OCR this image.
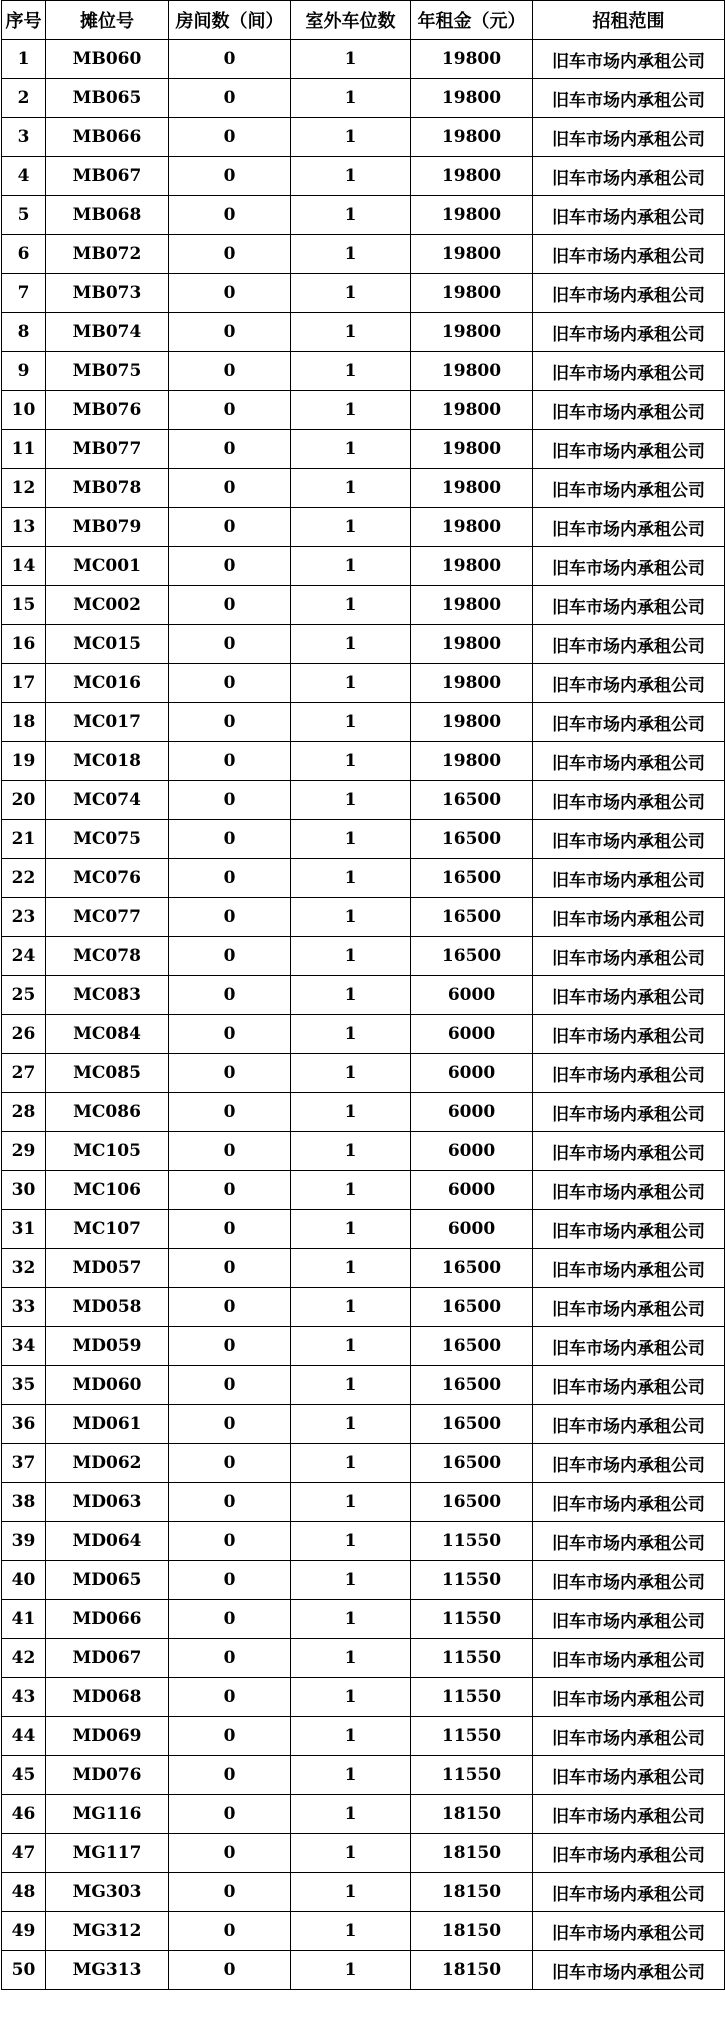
序号	摊位号	房间数（间）	室外车位数	年租金（元）	招租范围
1	MB060	0	1	19800	旧车市场内承租公司
2	MB065	0	1	19800	旧车市场内承租公司
3	MB066	0	1	19800	旧车市场内承租公司
4	MB067	0	1	19800	旧车市场内承租公司
5	MB068	0	1	19800	旧车市场内承租公司
6	MB072	0	1	19800	旧车市场内承租公司
7	MB073	0	1	19800	旧车市场内承租公司
8	MB074	0	1	19800	旧车市场内承租公司
9	MB075	0	1	19800	旧车市场内承租公司
10	MB076	0	1	19800	旧车市场内承租公司
11	MB077	0	1	19800	旧车市场内承租公司
12	MB078	0	1	19800	旧车市场内承租公司
13	MB079	0	1	19800	旧车市场内承租公司
14	MC001	0	1	19800	旧车市场内承租公司
15	MC002	0	1	19800	旧车市场内承租公司
16	MC015	0	1	19800	旧车市场内承租公司
17	MC016	0	1	19800	旧车市场内承租公司
18	MC017	0	1	19800	旧车市场内承租公司
19	MC018	0	1	19800	旧车市场内承租公司
20	MC074	0	1	16500	旧车市场内承租公司
21	MC075	0	1	16500	旧车市场内承租公司
22	MC076	0	1	16500	旧车市场内承租公司
23	MC077	0	1	16500	旧车市场内承租公司
24	MC078	0	1	16500	旧车市场内承租公司
25	MC083	0	1	6000	旧车市场内承租公司
26	MC084	0	1	6000	旧车市场内承租公司
27	MC085	0	1	6000	旧车市场内承租公司
28	MC086	0	1	6000	旧车市场内承租公司
29	MC105	0	1	6000	旧车市场内承租公司
30	MC106	0	1	6000	旧车市场内承租公司
31	MC107	0	1	6000	旧车市场内承租公司
32	MD057	0	1	16500	旧车市场内承租公司
33	MD058	0	1	16500	旧车市场内承租公司
34	MD059	0	1	16500	旧车市场内承租公司
35	MD060	0	1	16500	旧车市场内承租公司
36	MD061	0	1	16500	旧车市场内承租公司
37	MD062	0	1	16500	旧车市场内承租公司
38	MD063	0	1	16500	旧车市场内承租公司
39	MD064	0	1	11550	旧车市场内承租公司
40	MD065	0	1	11550	旧车市场内承租公司
41	MD066	0	1	11550	旧车市场内承租公司
42	MD067	0	1	11550	旧车市场内承租公司
43	MD068	0	1	11550	旧车市场内承租公司
44	MD069	0	1	11550	旧车市场内承租公司
45	MD076	0	1	11550	旧车市场内承租公司
46	MG116	0	1	18150	旧车市场内承租公司
47	MG117	0	1	18150	旧车市场内承租公司
48	MG303	0	1	18150	旧车市场内承租公司
49	MG312	0	1	18150	旧车市场内承租公司
50	MG313	0	1	18150	旧车市场内承租公司
